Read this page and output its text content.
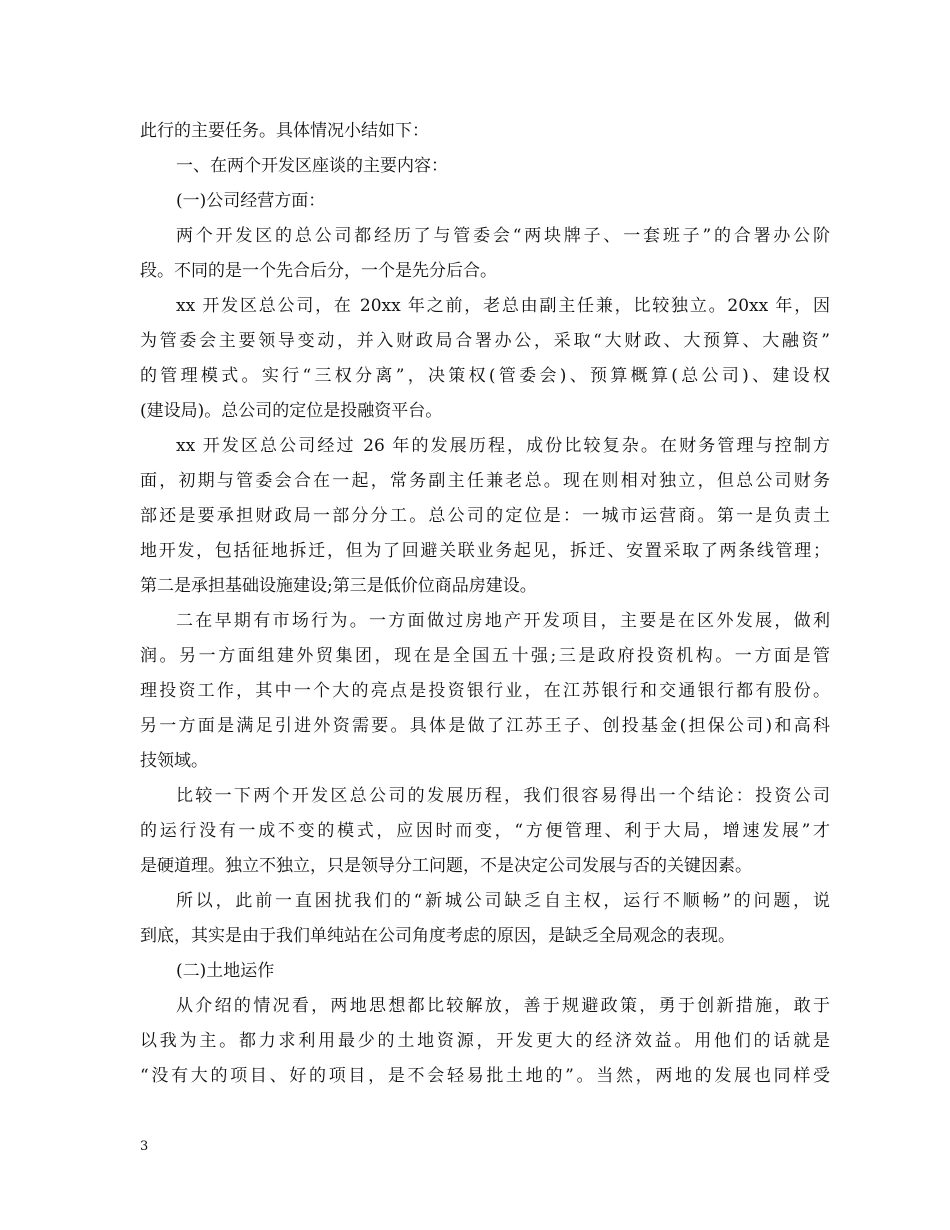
此行的主要任务。具体情况小结如下：
一、在两个开发区座谈的主要内容：
(一)公司经营方面：
两个开发区的总公司都经历了与管委会“两块牌子、一套班子”的合署办公阶
段。不同的是一个先合后分，一个是先分后合。
xx 开发区总公司，在 20xx 年之前，老总由副主任兼，比较独立。20xx 年，因
为管委会主要领导变动，并入财政局合署办公，采取“大财政、大预算、大融资”
的管理模式。实行“三权分离”，决策权(管委会)、预算概算(总公司)、建设权
(建设局)。总公司的定位是投融资平台。
xx 开发区总公司经过 26 年的发展历程，成份比较复杂。在财务管理与控制方
面，初期与管委会合在一起，常务副主任兼老总。现在则相对独立，但总公司财务
部还是要承担财政局一部分分工。总公司的定位是：一城市运营商。第一是负责土
地开发，包括征地拆迁，但为了回避关联业务起见，拆迁、安置采取了两条线管理；
第二是承担基础设施建设;第三是低价位商品房建设。
二在早期有市场行为。一方面做过房地产开发项目，主要是在区外发展，做利
润。另一方面组建外贸集团，现在是全国五十强;三是政府投资机构。一方面是管
理投资工作，其中一个大的亮点是投资银行业，在江苏银行和交通银行都有股份。
另一方面是满足引进外资需要。具体是做了江苏王子、创投基金(担保公司)和高科
技领域。
比较一下两个开发区总公司的发展历程，我们很容易得出一个结论：投资公司
的运行没有一成不变的模式，应因时而变，“方便管理、利于大局，增速发展”才
是硬道理。独立不独立，只是领导分工问题，不是决定公司发展与否的关键因素。
所以，此前一直困扰我们的“新城公司缺乏自主权，运行不顺畅”的问题，说
到底，其实是由于我们单纯站在公司角度考虑的原因，是缺乏全局观念的表现。
(二)土地运作
从介绍的情况看，两地思想都比较解放，善于规避政策，勇于创新措施，敢于
以我为主。都力求利用最少的土地资源，开发更大的经济效益。用他们的话就是
“没有大的项目、好的项目，是不会轻易批土地的”。当然，两地的发展也同样受
3
